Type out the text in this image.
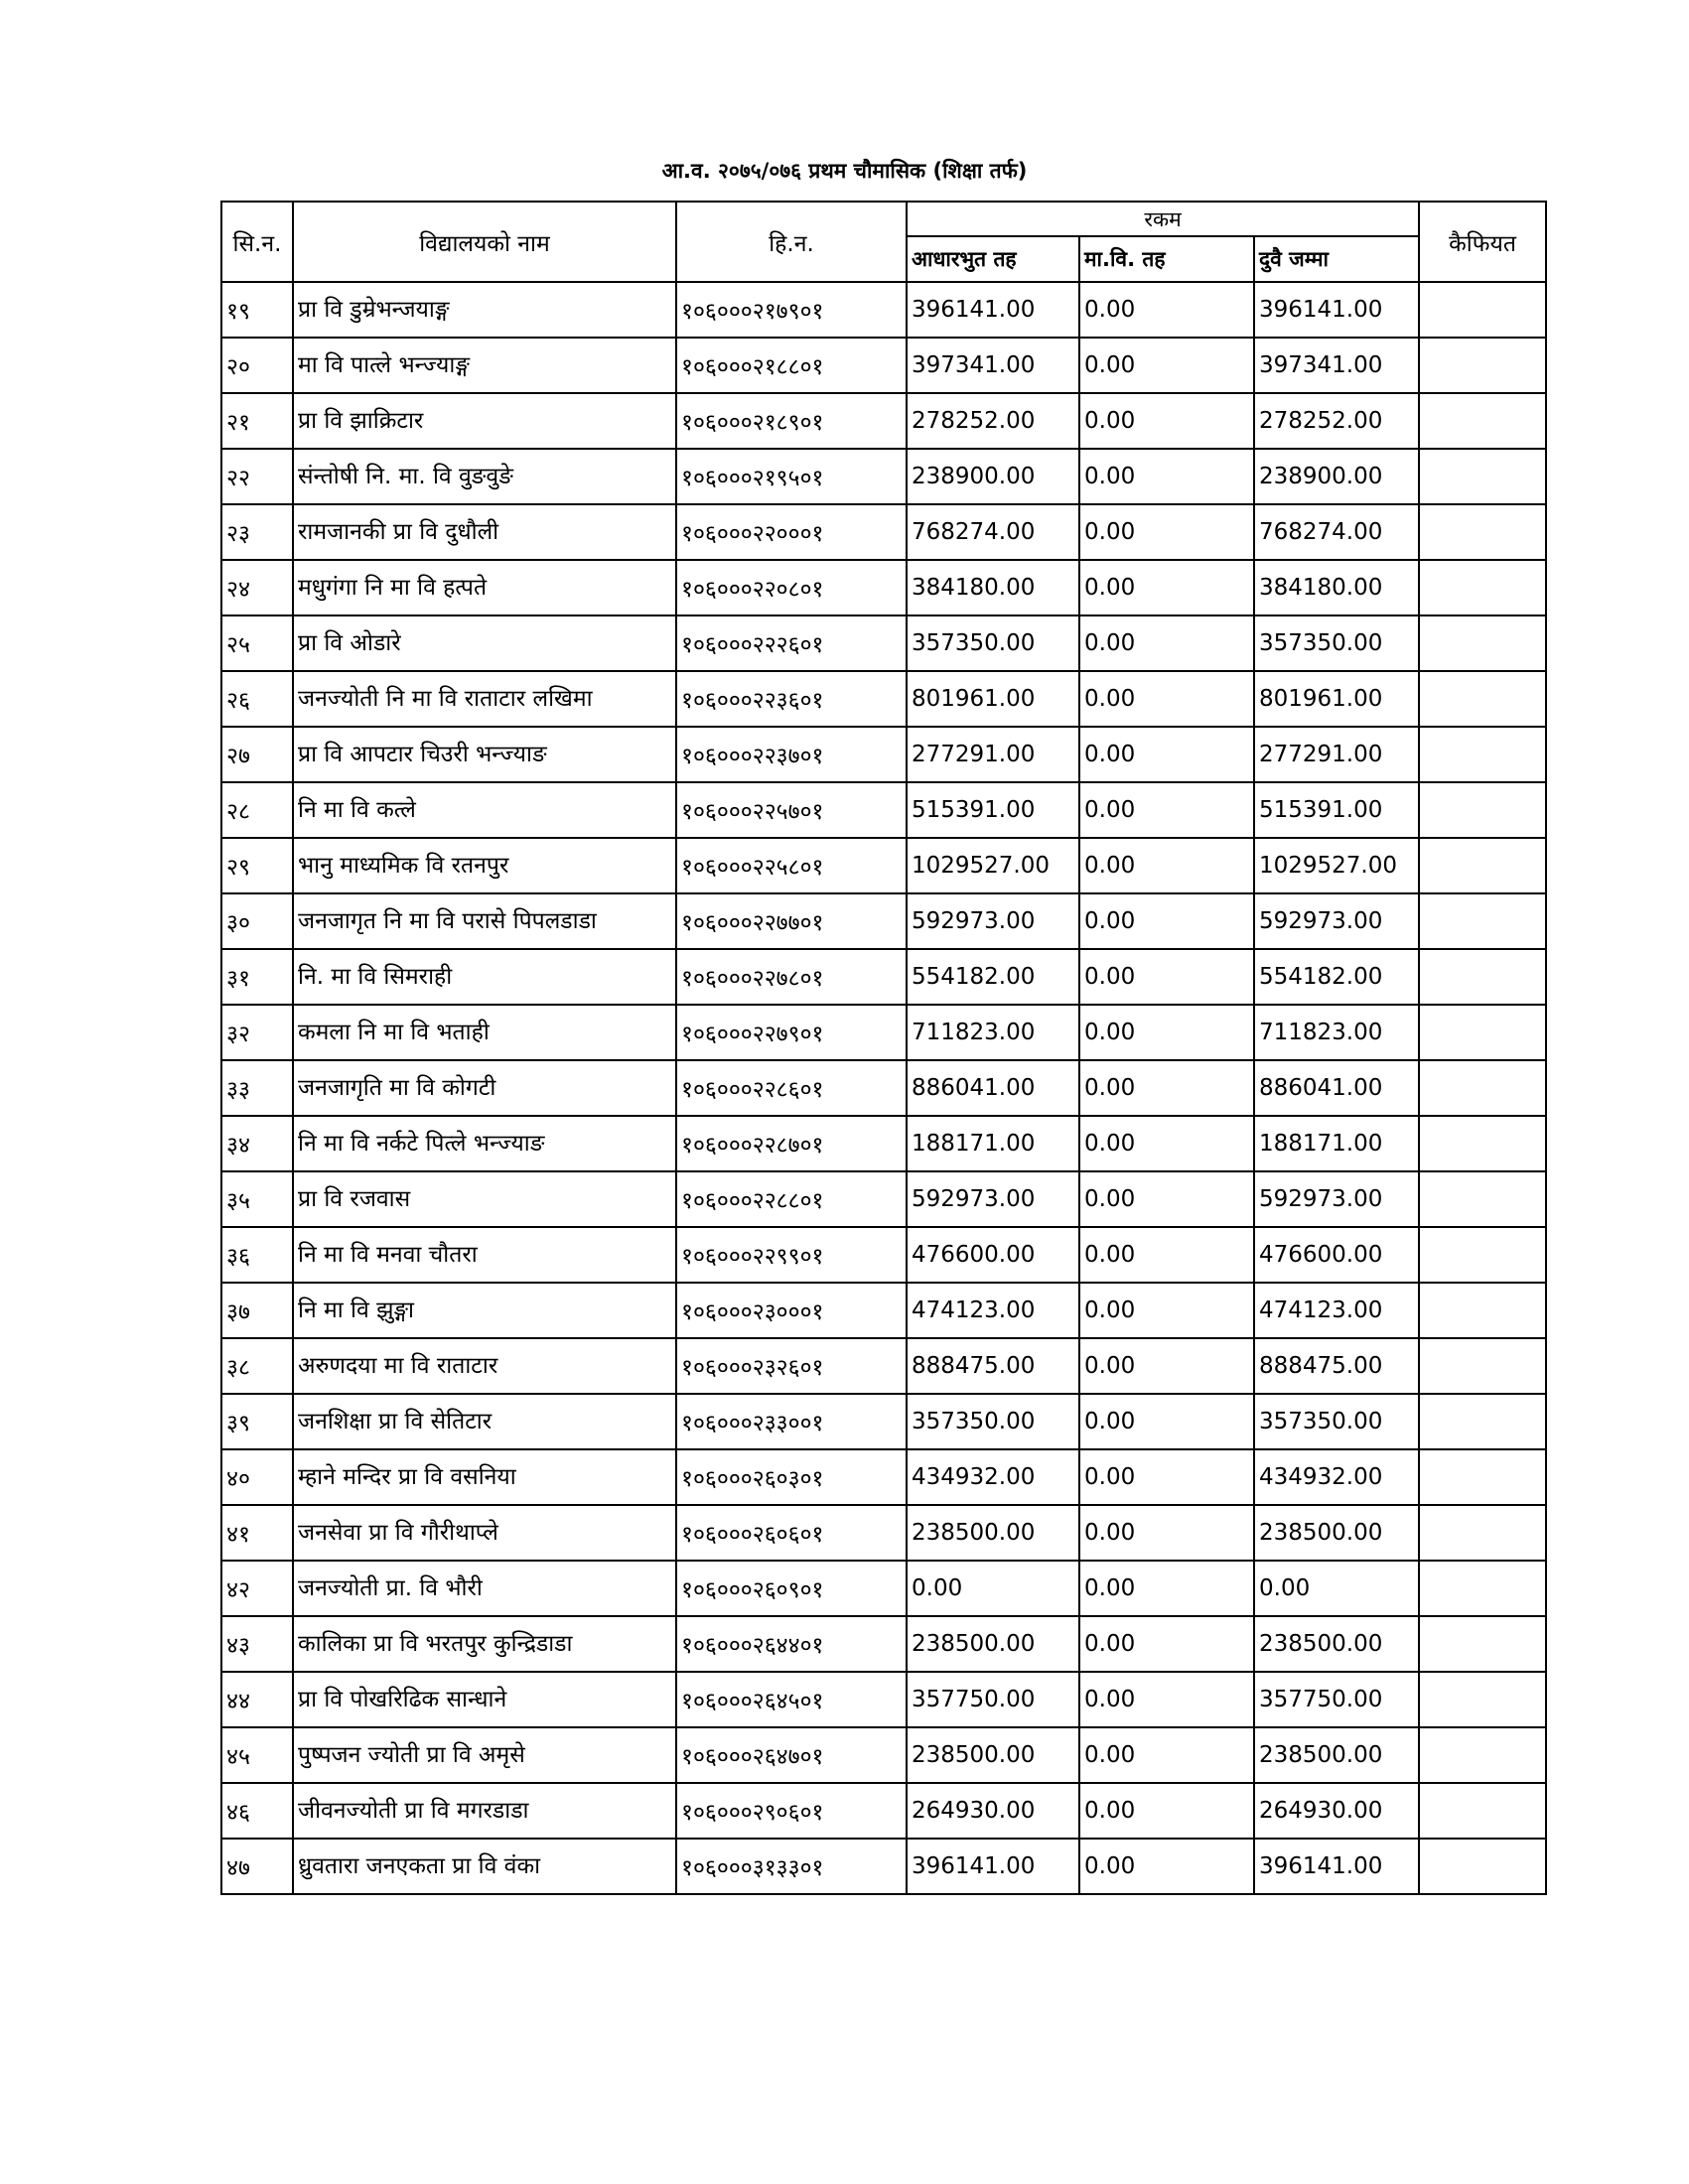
आ.व. २०७५/०७६ प्रथम चौमासिक (शिक्षा तर्फ)
सि.न.	विद्यालयको नाम	हि.न.	रकम			कैफियत
			आधारभुत तह	मा.वि. तह	दुवै जम्मा	
१९	प्रा वि डुम्रेभन्जयाङ्ग	१०६०००२१७९०१	396141.00	0.00	396141.00	
२०	मा वि पात्ले भन्ज्याङ्ग	१०६०००२१८८०१	397341.00	0.00	397341.00	
२१	प्रा वि झाक्रिटार	१०६०००२१८९०१	278252.00	0.00	278252.00	
२२	संन्तोषी नि. मा. वि वुङवुङे	१०६०००२१९५०१	238900.00	0.00	238900.00	
२३	रामजानकी प्रा वि दुधौली	१०६०००२२०००१	768274.00	0.00	768274.00	
२४	मधुगंगा नि मा वि हत्पते	१०६०००२२०८०१	384180.00	0.00	384180.00	
२५	प्रा वि ओडारे	१०६०००२२२६०१	357350.00	0.00	357350.00	
२६	जनज्योती नि मा वि राताटार लखिमा	१०६०००२२३६०१	801961.00	0.00	801961.00	
२७	प्रा वि आपटार चिउरी भन्ज्याङ	१०६०००२२३७०१	277291.00	0.00	277291.00	
२८	नि मा वि कत्ले	१०६०००२२५७०१	515391.00	0.00	515391.00	
२९	भानु माध्यमिक वि रतनपुर	१०६०००२२५८०१	1029527.00	0.00	1029527.00	
३०	जनजागृत नि मा वि परासे पिपलडाडा	१०६०००२२७७०१	592973.00	0.00	592973.00	
३१	नि. मा वि सिमराही	१०६०००२२७८०१	554182.00	0.00	554182.00	
३२	कमला नि मा वि भताही	१०६०००२२७९०१	711823.00	0.00	711823.00	
३३	जनजागृति मा वि कोगटी	१०६०००२२८६०१	886041.00	0.00	886041.00	
३४	नि मा वि नर्कटे पित्ले भन्ज्याङ	१०६०००२२८७०१	188171.00	0.00	188171.00	
३५	प्रा वि रजवास	१०६०००२२८८०१	592973.00	0.00	592973.00	
३६	नि मा वि मनवा चौतरा	१०६०००२२९९०१	476600.00	0.00	476600.00	
३७	नि मा वि झुङ्गा	१०६०००२३०००१	474123.00	0.00	474123.00	
३८	अरुणदया मा वि राताटार	१०६०००२३२६०१	888475.00	0.00	888475.00	
३९	जनशिक्षा प्रा वि सेतिटार	१०६०००२३३००१	357350.00	0.00	357350.00	
४०	म्हाने मन्दिर प्रा वि वसनिया	१०६०००२६०३०१	434932.00	0.00	434932.00	
४१	जनसेवा प्रा वि गौरीथाप्ले	१०६०००२६०६०१	238500.00	0.00	238500.00	
४२	जनज्योती प्रा. वि भौरी	१०६०००२६०९०१	0.00	0.00	0.00	
४३	कालिका प्रा वि भरतपुर कुन्द्रिडाडा	१०६०००२६४४०१	238500.00	0.00	238500.00	
४४	प्रा वि पोखरिढिक सान्धाने	१०६०००२६४५०१	357750.00	0.00	357750.00	
४५	पुष्पजन ज्योती प्रा वि अमृसे	१०६०००२६४७०१	238500.00	0.00	238500.00	
४६	जीवनज्योती प्रा वि मगरडाडा	१०६०००२९०६०१	264930.00	0.00	264930.00	
४७	ध्रुवतारा जनएकता प्रा वि वंका	१०६०००३१३३०१	396141.00	0.00	396141.00	
